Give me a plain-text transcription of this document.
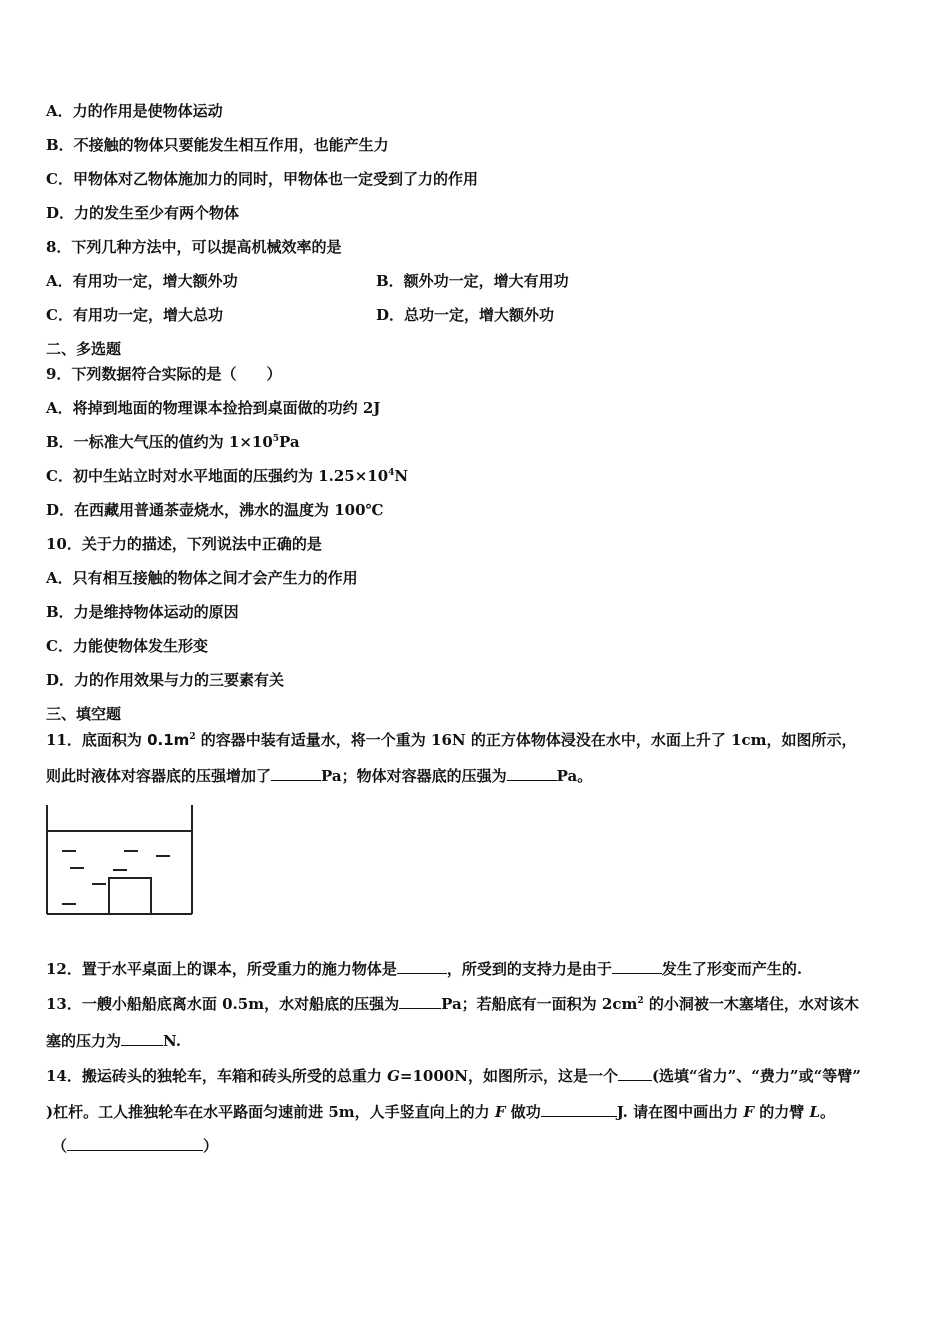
A．力的作用是使物体运动
B．不接触的物体只要能发生相互作用，也能产生力
C．甲物体对乙物体施加力的同时，甲物体也一定受到了力的作用
D．力的发生至少有两个物体
8．下列几种方法中，可以提高机械效率的是
A．有用功一定，增大额外功	B．额外功一定，增大有用功
C．有用功一定，增大总功	D．总功一定，增大额外功
二、多选题
9．下列数据符合实际的是（　　）
A．将掉到地面的物理课本捡拾到桌面做的功约 2J
B．一标准大气压的值约为 $1\times 10^5Pa$
C．初中生站立时对水平地面的压强约为 $1.25\times 10^4N$
D．在西藏用普通茶壶烧水，沸水的温度为 100℃
10．关于力的描述，下列说法中正确的是
A．只有相互接触的物体之间才会产生力的作用
B．力是维持物体运动的原因
C．力能使物体发生形变
D．力的作用效果与力的三要素有关
三、填空题
11．底面积为 $0.1m^2$ 的容器中装有适量水，将一个重为 16N 的正方体物体浸没在水中，水面上升了 1cm，如图所示，
则此时液体对容器底的压强增加了	Pa；物体对容器底的压强为	Pa。
12．置于水平桌面上的课本，所受重力的施力物体是	，所受到的支持力是由于	发生了形变而产生的.
13．一艘小船船底离水面 0.5m，水对船底的压强为	Pa；若船底有一面积为 $2cm^2$ 的小洞被一木塞堵住，水对该木
塞的压力为	N.
14．搬运砖头的独轮车，车箱和砖头所受的总重力 G=1000N，如图所示，这是一个 (选填“省力”、“费力”或“等臂”
)杠杆。工人推独轮车在水平路面匀速前进 5m，人手竖直向上的力 F 做功	J. 请在图中画出力 F 的力臂 L。
（	）
